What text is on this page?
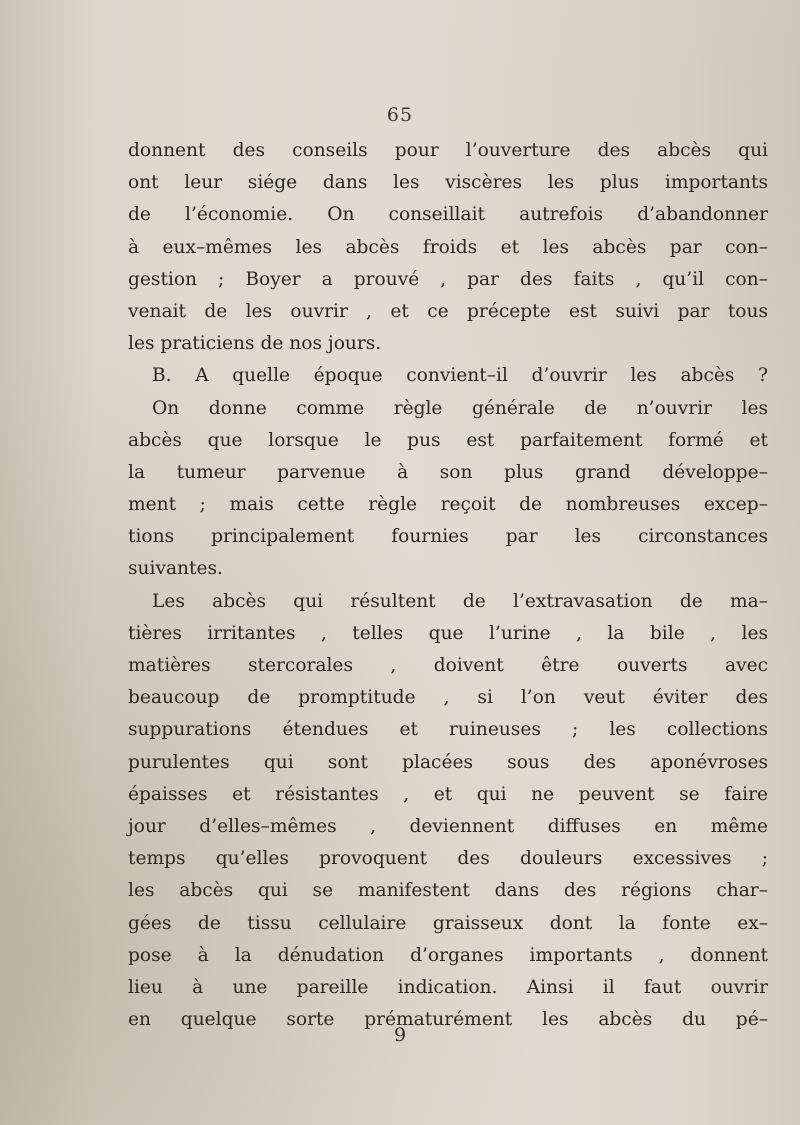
65
donnent des conseils pour l’ouverture des abcès qui
ont leur siége dans les viscères les plus importants
de l’économie. On conseillait autrefois d’abandonner
à eux–mêmes les abcès froids et les abcès par con–
gestion ; Boyer a prouvé , par des faits , qu’il con–
venait de les ouvrir , et ce précepte est suivi par tous
les praticiens de nos jours.
B. A quelle époque convient–il d’ouvrir les abcès ?
On donne comme règle générale de n’ouvrir les
abcès que lorsque le pus est parfaitement formé et
la tumeur parvenue à son plus grand développe–
ment ; mais cette règle reçoit de nombreuses excep–
tions principalement fournies par les circonstances
suivantes.
Les abcès qui résultent de l’extravasation de ma–
tières irritantes , telles que l’urine , la bile , les
matières stercorales , doivent être ouverts avec
beaucoup de promptitude , si l’on veut éviter des
suppurations étendues et ruineuses ; les collections
purulentes qui sont placées sous des aponévroses
épaisses et résistantes , et qui ne peuvent se faire
jour d’elles–mêmes , deviennent diffuses en même
temps qu’elles provoquent des douleurs excessives ;
les abcès qui se manifestent dans des régions char–
gées de tissu cellulaire graisseux dont la fonte ex–
pose à la dénudation d’organes importants , donnent
lieu à une pareille indication. Ainsi il faut ouvrir
en quelque sorte prématurément les abcès du pé–
9
